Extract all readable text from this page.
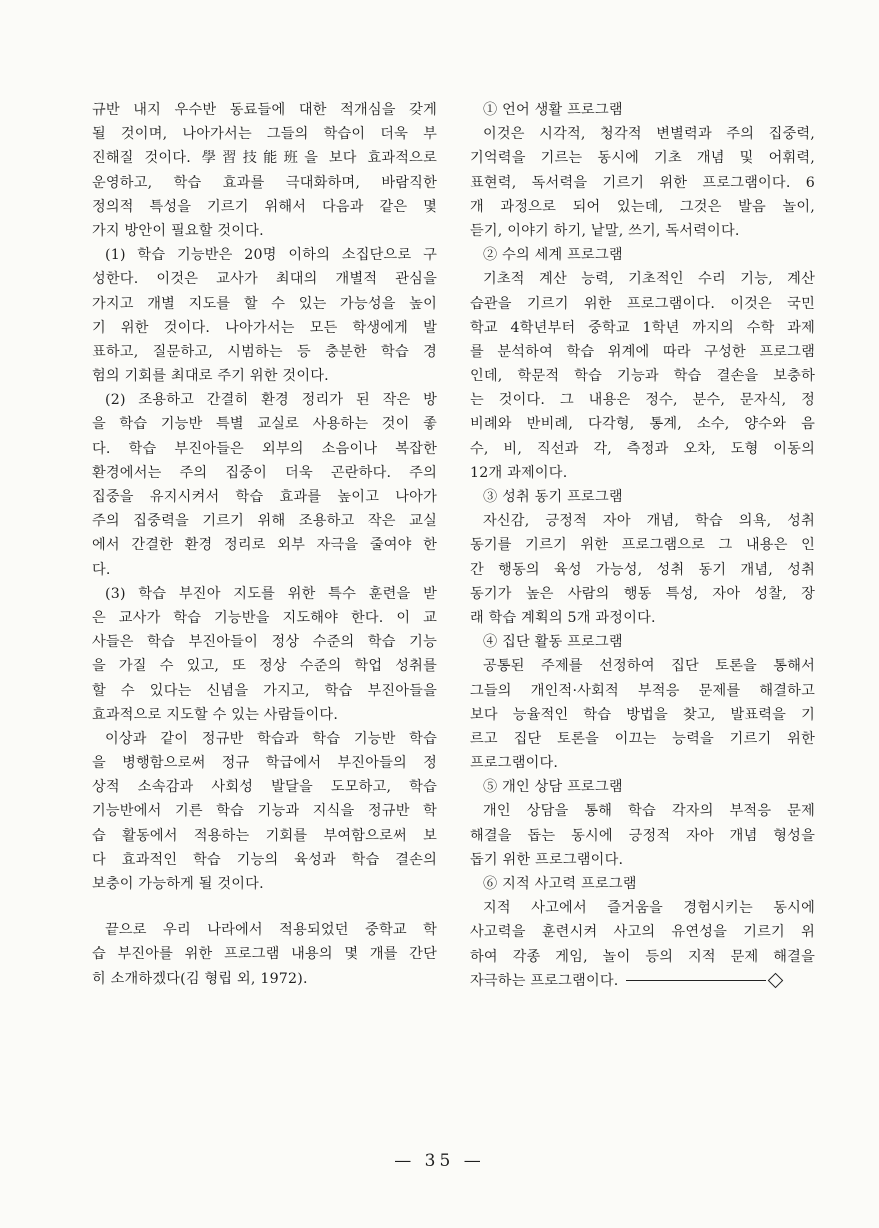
규반 내지 우수반 동료들에 대한 적개심을 갖게
될 것이며, 나아가서는 그들의 학습이 더욱 부
진해질 것이다. 學習技能班을 보다 효과적으로
운영하고, 학습 효과를 극대화하며, 바람직한
정의적 특성을 기르기 위해서 다음과 같은 몇
가지 방안이 필요할 것이다.
(1) 학습 기능반은 20명 이하의 소집단으로 구
성한다. 이것은 교사가 최대의 개별적 관심을
가지고 개별 지도를 할 수 있는 가능성을 높이
기 위한 것이다. 나아가서는 모든 학생에게 발
표하고, 질문하고, 시범하는 등 충분한 학습 경
험의 기회를 최대로 주기 위한 것이다.
(2) 조용하고 간결히 환경 정리가 된 작은 방
을 학습 기능반 특별 교실로 사용하는 것이 좋
다. 학습 부진아들은 외부의 소음이나 복잡한
환경에서는 주의 집중이 더욱 곤란하다. 주의
집중을 유지시켜서 학습 효과를 높이고 나아가
주의 집중력을 기르기 위해 조용하고 작은 교실
에서 간결한 환경 정리로 외부 자극을 줄여야 한
다.
(3) 학습 부진아 지도를 위한 특수 훈련을 받
은 교사가 학습 기능반을 지도해야 한다. 이 교
사들은 학습 부진아들이 정상 수준의 학습 기능
을 가질 수 있고, 또 정상 수준의 학업 성취를
할 수 있다는 신념을 가지고, 학습 부진아들을
효과적으로 지도할 수 있는 사람들이다.
이상과 같이 정규반 학습과 학습 기능반 학습
을 병행함으로써 정규 학급에서 부진아들의 정
상적 소속감과 사회성 발달을 도모하고, 학습
기능반에서 기른 학습 기능과 지식을 정규반 학
습 활동에서 적용하는 기회를 부여함으로써 보
다 효과적인 학습 기능의 육성과 학습 결손의
보충이 가능하게 될 것이다.
끝으로 우리 나라에서 적용되었던 중학교 학
습 부진아를 위한 프로그램 내용의 몇 개를 간단
히 소개하겠다(김 형립 외, 1972).
① 언어 생활 프로그램
이것은 시각적, 청각적 변별력과 주의 집중력,
기억력을 기르는 동시에 기초 개념 및 어휘력,
표현력, 독서력을 기르기 위한 프로그램이다. 6
개 과정으로 되어 있는데, 그것은 발음 놀이,
듣기, 이야기 하기, 낱말, 쓰기, 독서력이다.
② 수의 세계 프로그램
기초적 계산 능력, 기초적인 수리 기능, 계산
습관을 기르기 위한 프로그램이다. 이것은 국민
학교 4학년부터 중학교 1학년 까지의 수학 과제
를 분석하여 학습 위계에 따라 구성한 프로그램
인데, 학문적 학습 기능과 학습 결손을 보충하
는 것이다. 그 내용은 정수, 분수, 문자식, 정
비례와 반비례, 다각형, 통계, 소수, 양수와 음
수, 비, 직선과 각, 측정과 오차, 도형 이동의
12개 과제이다.
③ 성취 동기 프로그램
자신감, 긍정적 자아 개념, 학습 의욕, 성취
동기를 기르기 위한 프로그램으로 그 내용은 인
간 행동의 육성 가능성, 성취 동기 개념, 성취
동기가 높은 사람의 행동 특성, 자아 성찰, 장
래 학습 계획의 5개 과정이다.
④ 집단 활동 프로그램
공통된 주제를 선정하여 집단 토론을 통해서
그들의 개인적·사회적 부적응 문제를 해결하고
보다 능율적인 학습 방법을 찾고, 발표력을 기
르고 집단 토론을 이끄는 능력을 기르기 위한
프로그램이다.
⑤ 개인 상담 프로그램
개인 상담을 통해 학습 각자의 부적응 문제
해결을 돕는 동시에 긍정적 자아 개념 형성을
돕기 위한 프로그램이다.
⑥ 지적 사고력 프로그램
지적 사고에서 즐거움을 경험시키는 동시에
사고력을 훈련시켜 사고의 유연성을 기르기 위
하여 각종 게임, 놀이 등의 지적 문제 해결을
자극하는 프로그램이다.
— 35 —
